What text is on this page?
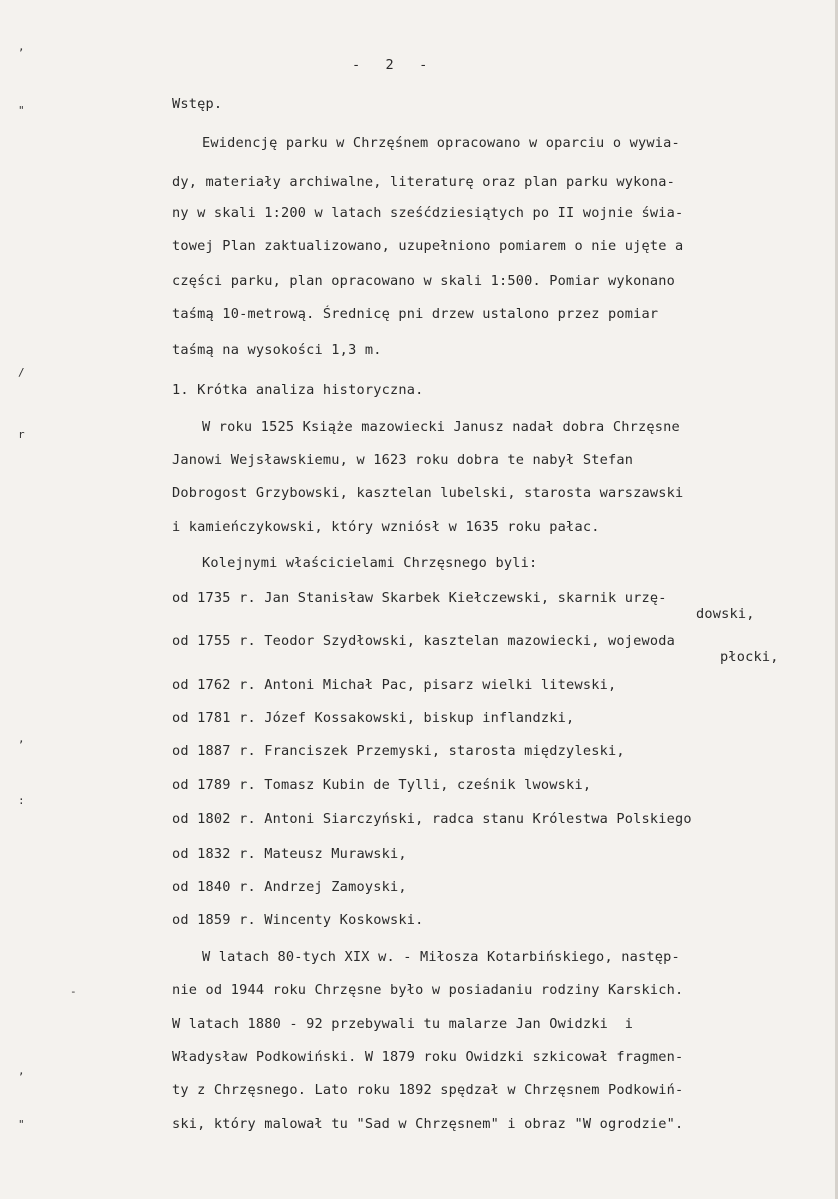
-   2   -
Wstęp.
Ewidencję parku w Chrzęśnem opracowano w oparciu o wywia-
dy, materiały archiwalne, literaturę oraz plan parku wykona-
ny w skali 1:200 w latach sześćdziesiątych po II wojnie świa-
towej Plan zaktualizowano, uzupełniono pomiarem o nie ujęte a
części parku, plan opracowano w skali 1:500. Pomiar wykonano
taśmą 10-metrową. Średnicę pni drzew ustalono przez pomiar
taśmą na wysokości 1,3 m.
1. Krótka analiza historyczna.
W roku 1525 Książe mazowiecki Janusz nadał dobra Chrzęsne
Janowi Wejsławskiemu, w 1623 roku dobra te nabył Stefan
Dobrogost Grzybowski, kasztelan lubelski, starosta warszawski
i kamieńczykowski, który wzniósł w 1635 roku pałac.
Kolejnymi właścicielami Chrzęsnego byli:
od 1735 r. Jan Stanisław Skarbek Kiełczewski, skarnik urzę-
dowski,
od 1755 r. Teodor Szydłowski, kasztelan mazowiecki, wojewoda
płocki,
od 1762 r. Antoni Michał Pac, pisarz wielki litewski,
od 1781 r. Józef Kossakowski, biskup inflandzki,
od 1887 r. Franciszek Przemyski, starosta międzyleski,
od 1789 r. Tomasz Kubin de Tylli, cześnik lwowski,
od 1802 r. Antoni Siarczyński, radca stanu Królestwa Polskiego
od 1832 r. Mateusz Murawski,
od 1840 r. Andrzej Zamoyski,
od 1859 r. Wincenty Koskowski.
W latach 80-tych XIX w. - Miłosza Kotarbińskiego, następ-
nie od 1944 roku Chrzęsne było w posiadaniu rodziny Karskich.
W latach 1880 - 92 przebywali tu malarze Jan Owidzki  i
Władysław Podkowiński. W 1879 roku Owidzki szkicował fragmen-
ty z Chrzęsnego. Lato roku 1892 spędzał w Chrzęsnem Podkowiń-
ski, który malował tu "Sad w Chrzęsnem" i obraz "W ogrodzie".
,
"
/
r
,
:
-
,
"
